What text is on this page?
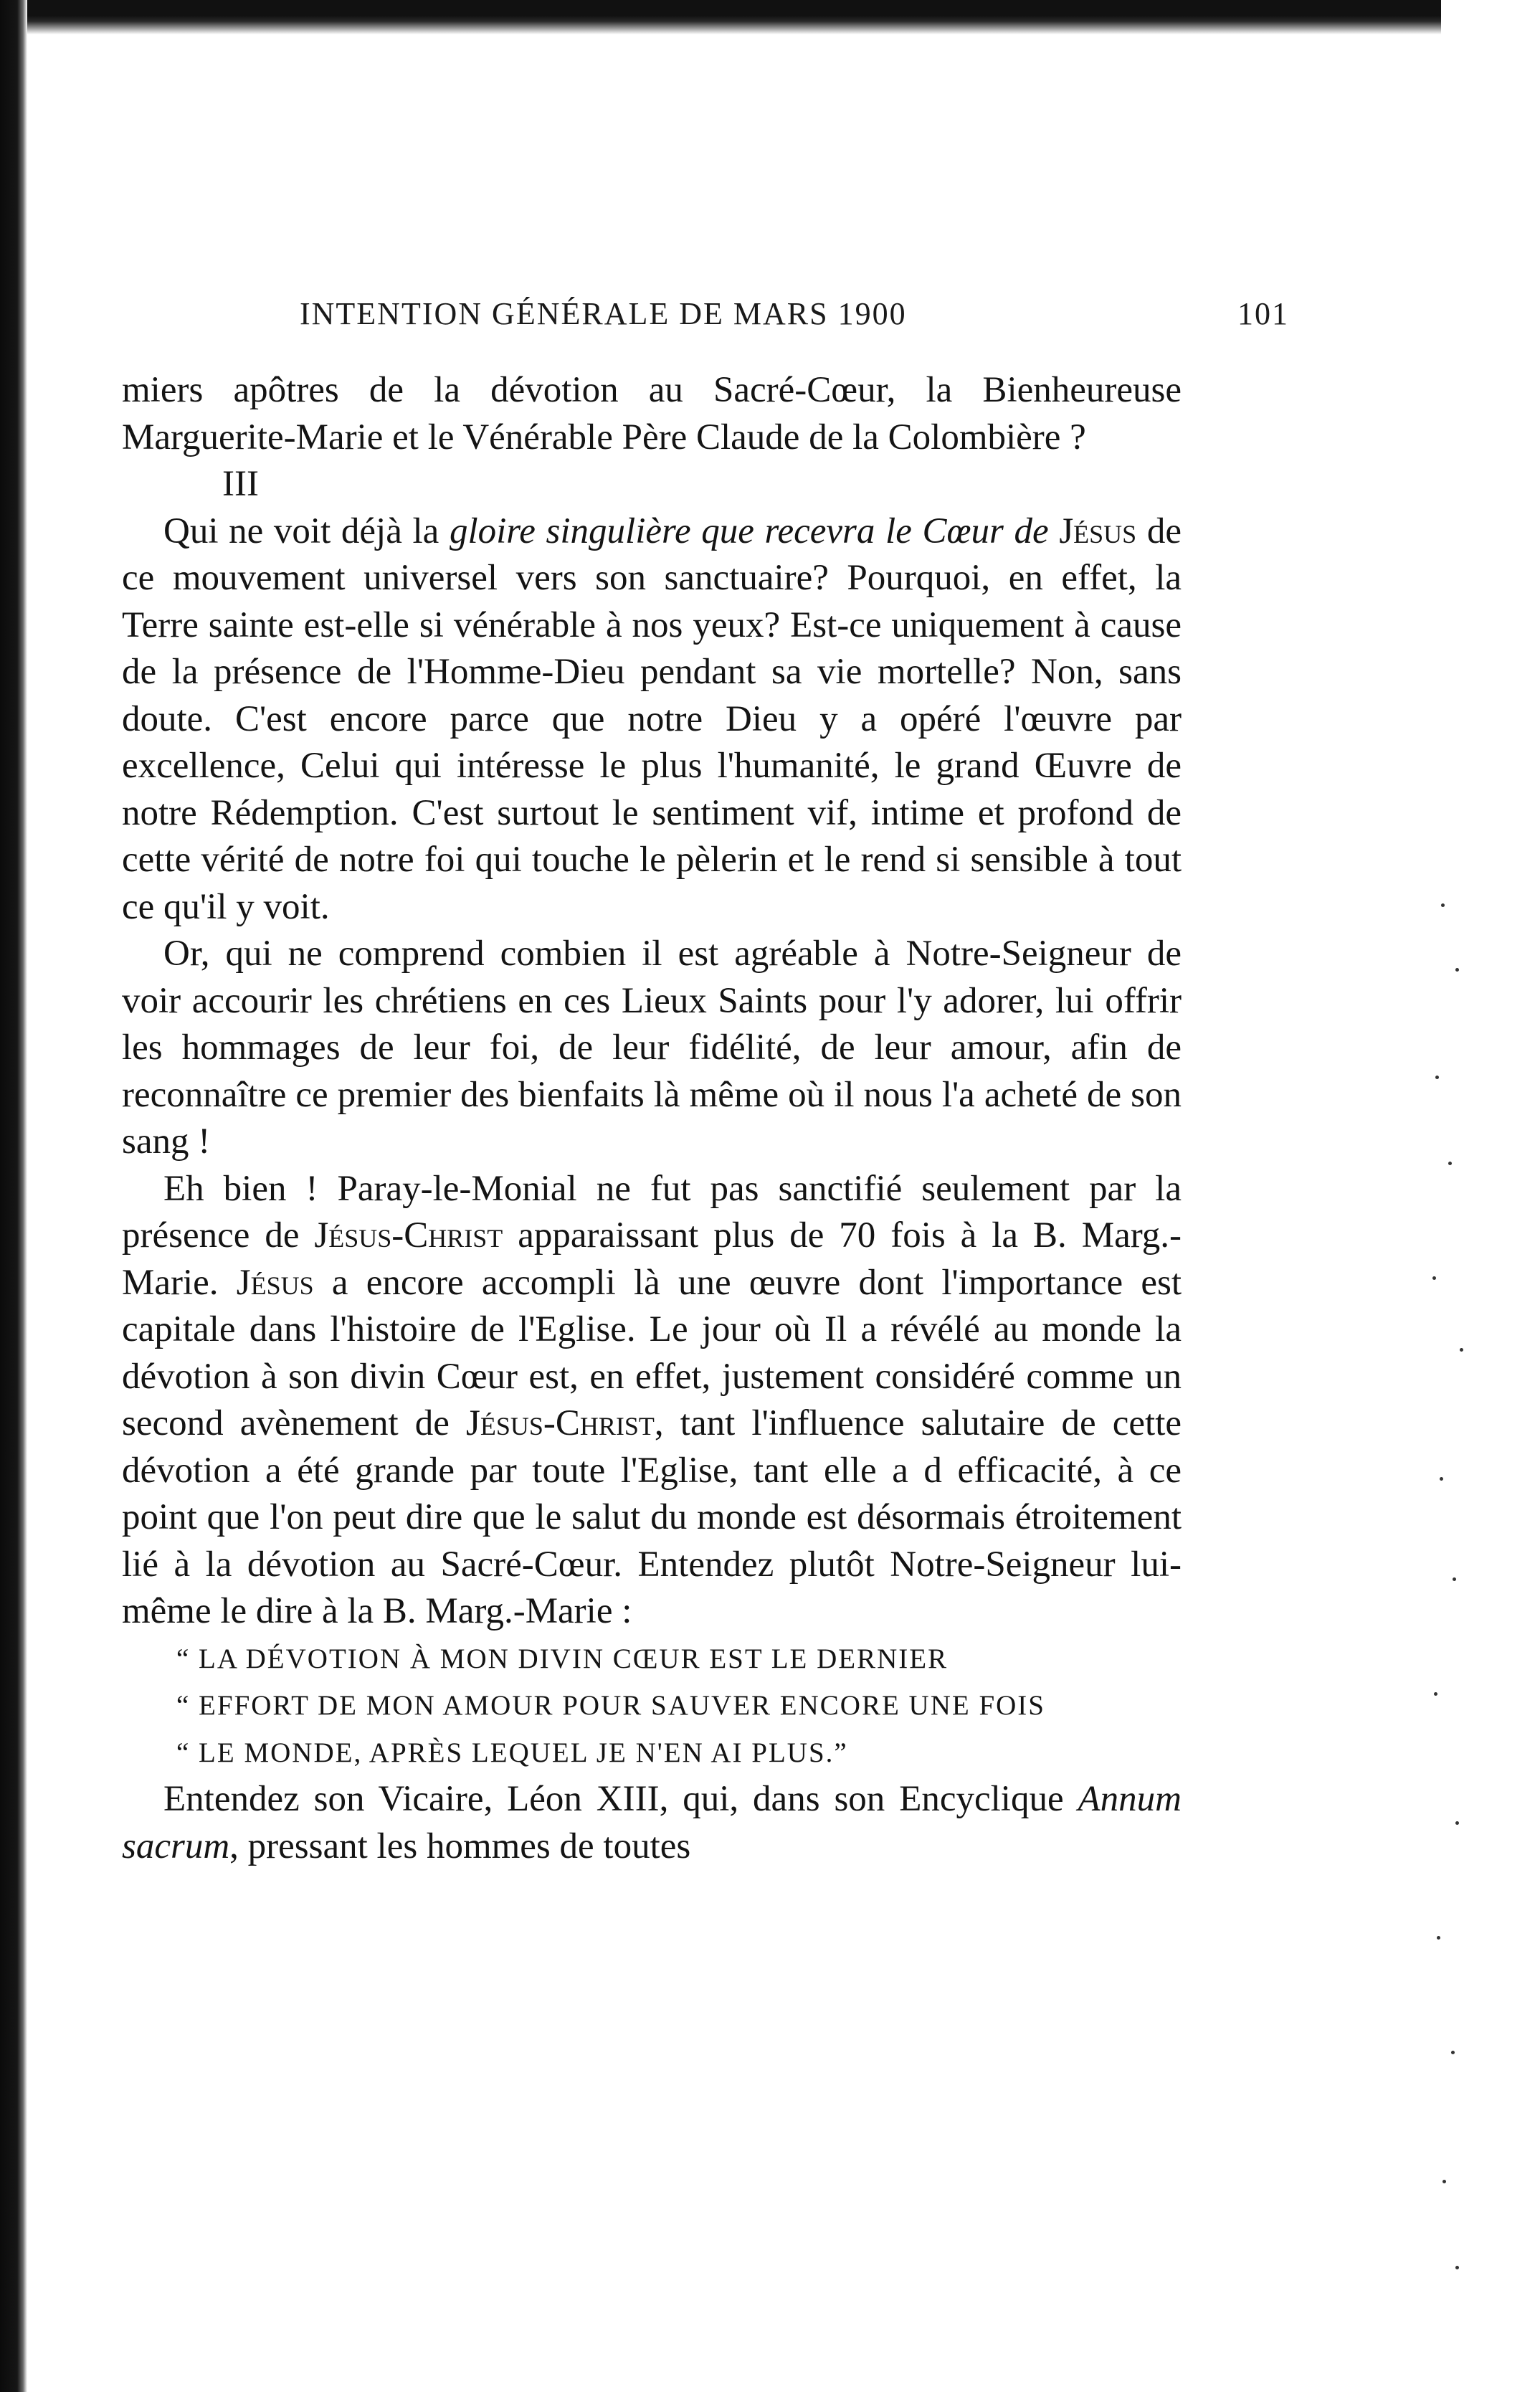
INTENTION GÉNÉRALE DE MARS 1900	101

miers apôtres de la dévotion au Sacré-Cœur, la Bienheureuse Marguerite-Marie et le Vénérable Père Claude de la Colombière ?

III

Qui ne voit déjà la gloire singulière que recevra le Cœur de Jésus de ce mouvement universel vers son sanctuaire? Pourquoi, en effet, la Terre sainte est-elle si vénérable à nos yeux? Est-ce uniquement à cause de la présence de l'Homme-Dieu pendant sa vie mortelle? Non, sans doute. C'est encore parce que notre Dieu y a opéré l'œuvre par excellence, Celui qui intéresse le plus l'humanité, le grand Œuvre de notre Rédemption. C'est surtout le sentiment vif, intime et profond de cette vérité de notre foi qui touche le pèlerin et le rend si sensible à tout ce qu'il y voit.

Or, qui ne comprend combien il est agréable à Notre-Seigneur de voir accourir les chrétiens en ces Lieux Saints pour l'y adorer, lui offrir les hommages de leur foi, de leur fidélité, de leur amour, afin de reconnaître ce premier des bienfaits là même où il nous l'a acheté de son sang !

Eh bien ! Paray-le-Monial ne fut pas sanctifié seulement par la présence de Jésus-Christ apparaissant plus de 70 fois à la B. Marg.-Marie. Jésus a encore accompli là une œuvre dont l'importance est capitale dans l'histoire de l'Eglise. Le jour où Il a révélé au monde la dévotion à son divin Cœur est, en effet, justement considéré comme un second avènement de Jésus-Christ, tant l'influence salutaire de cette dévotion a été grande par toute l'Eglise, tant elle a d efficacité, à ce point que l'on peut dire que le salut du monde est désormais étroitement lié à la dévotion au Sacré-Cœur. Entendez plutôt Notre-Seigneur lui-même le dire à la B. Marg.-Marie :

“ LA DÉVOTION À MON DIVIN CŒUR EST LE DERNIER

“ EFFORT DE MON AMOUR POUR SAUVER ENCORE UNE FOIS

“ LE MONDE, APRÈS LEQUEL JE N'EN AI PLUS.”

Entendez son Vicaire, Léon XIII, qui, dans son Encyclique Annum sacrum, pressant les hommes de toutes
